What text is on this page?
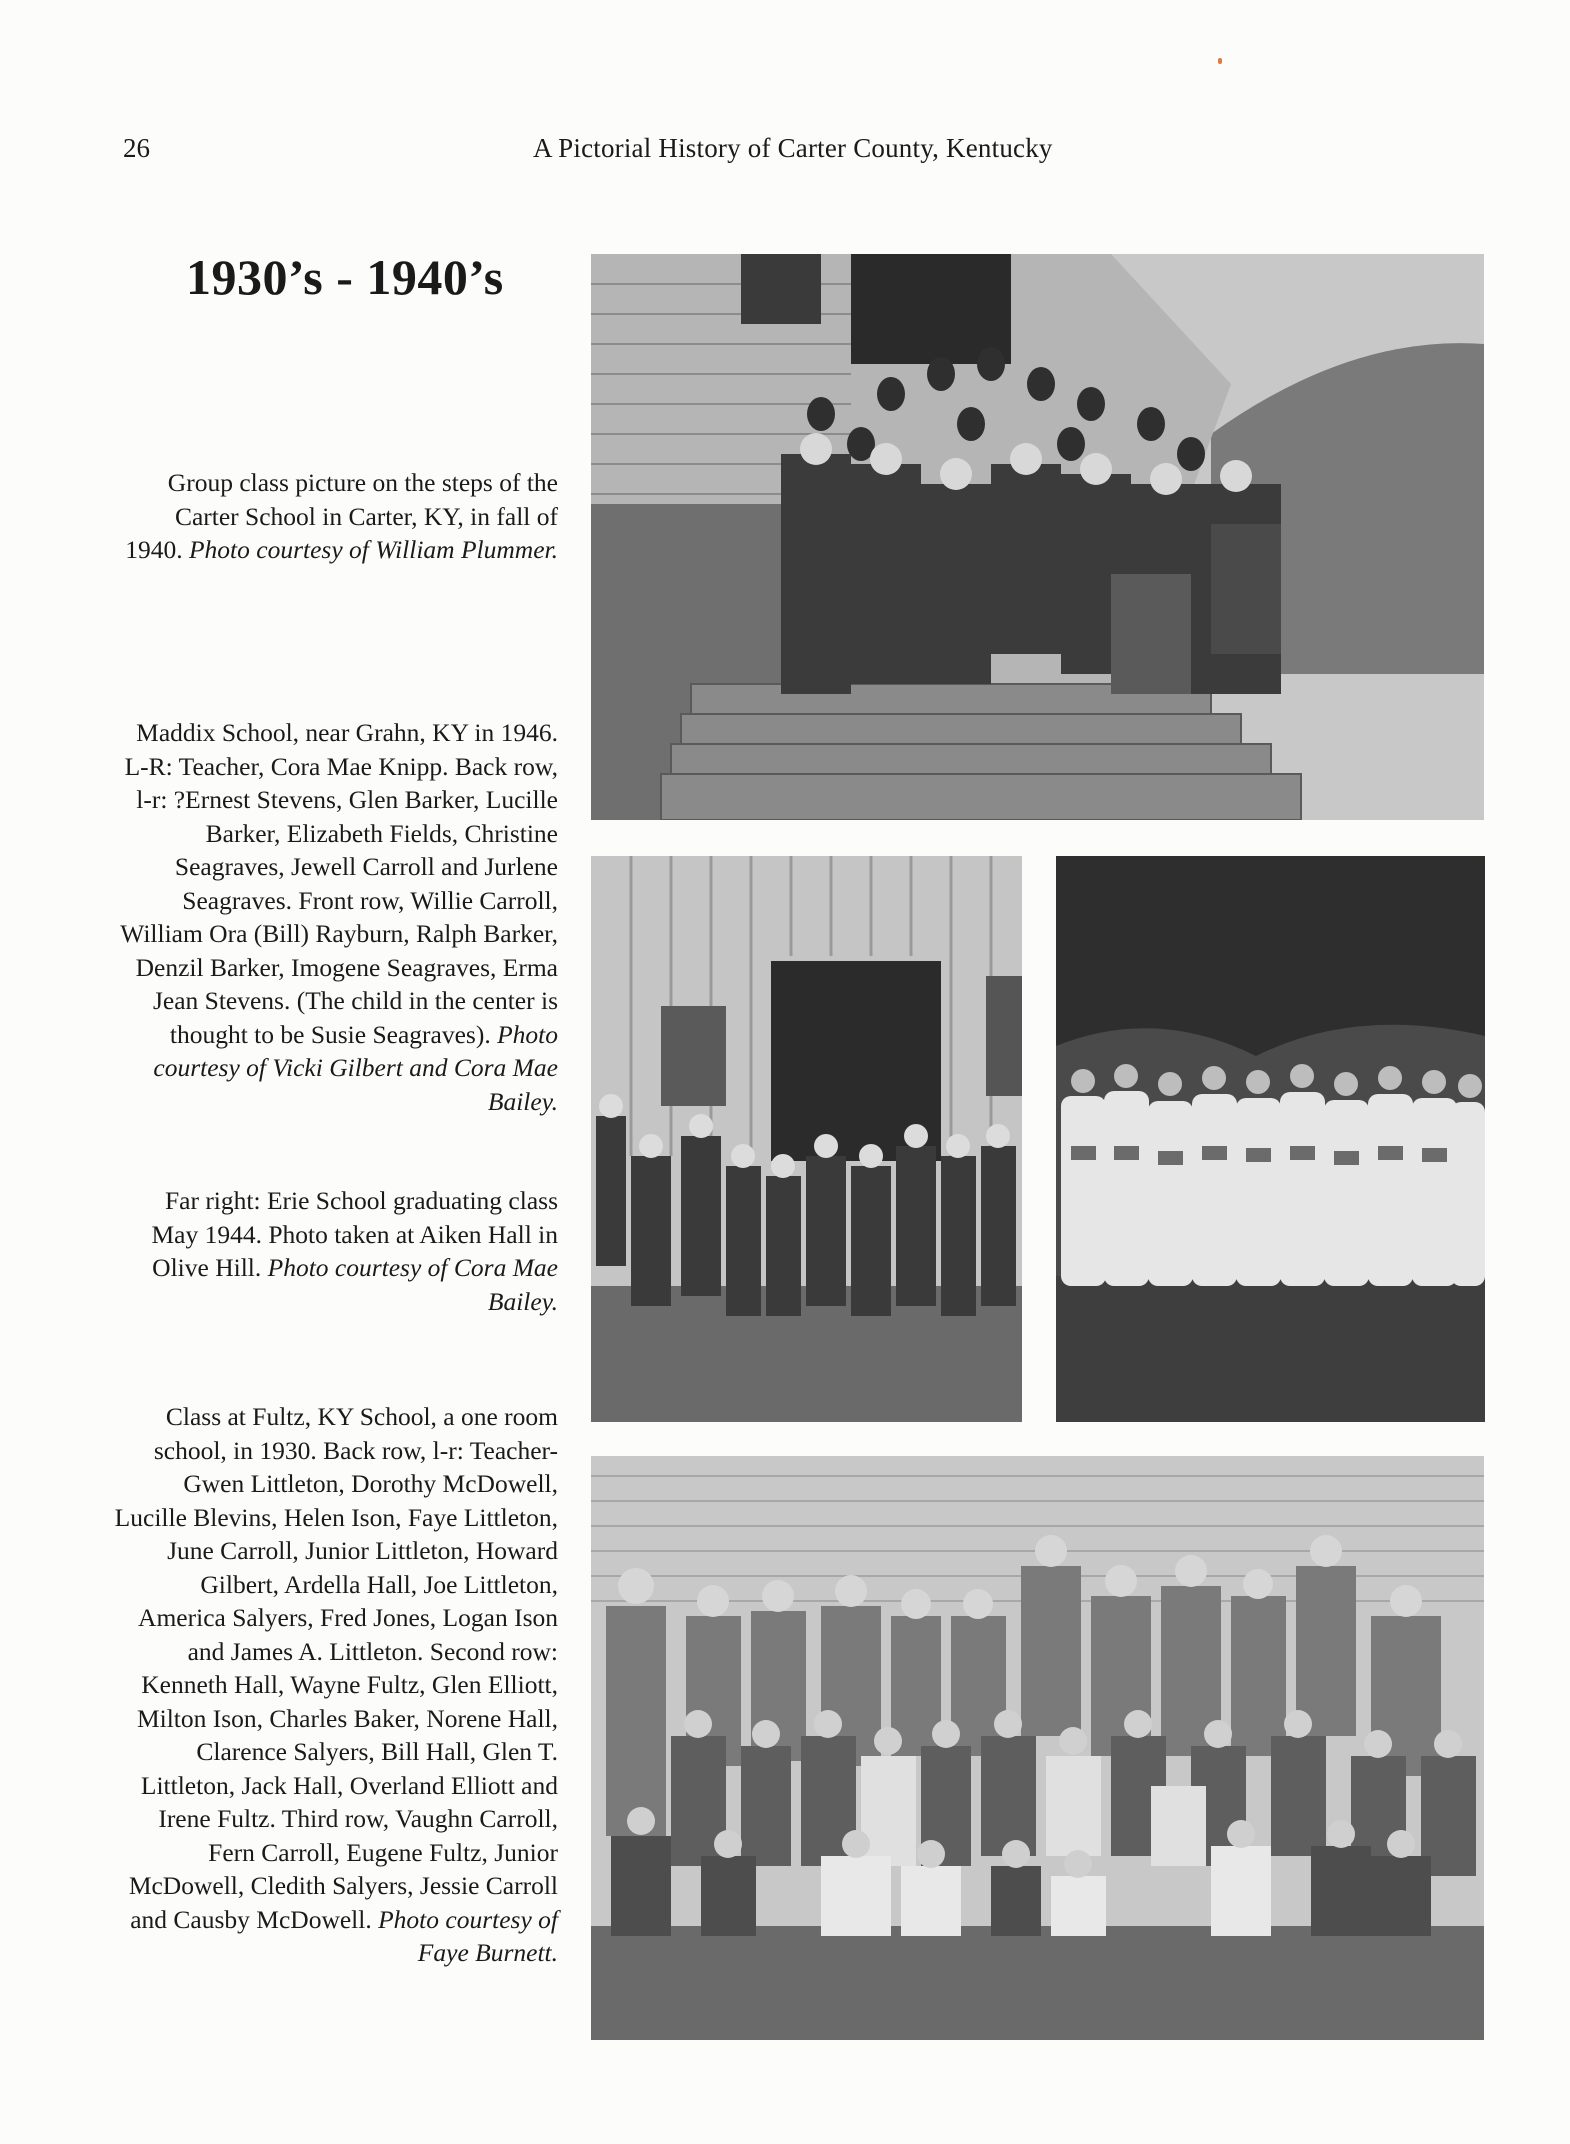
26	A Pictorial History of Carter County, Kentucky
1930’s - 1940’s
Group class picture on the steps of the Carter School in Carter, KY, in fall of 1940. Photo courtesy of William Plummer.
Maddix School, near Grahn, KY in 1946. L-R: Teacher, Cora Mae Knipp. Back row, l-r: ?Ernest Stevens, Glen Barker, Lucille Barker, Elizabeth Fields, Christine Seagraves, Jewell Carroll and Jurlene Seagraves. Front row, Willie Carroll, William Ora (Bill) Rayburn, Ralph Barker, Denzil Barker, Imogene Seagraves, Erma Jean Stevens. (The child in the center is thought to be Susie Seagraves). Photo courtesy of Vicki Gilbert and Cora Mae Bailey.
Far right: Erie School graduating class May 1944. Photo taken at Aiken Hall in Olive Hill. Photo courtesy of Cora Mae Bailey.
Class at Fultz, KY School, a one room school, in 1930. Back row, l-r: Teacher-Gwen Littleton, Dorothy McDowell, Lucille Blevins, Helen Ison, Faye Littleton, June Carroll, Junior Littleton, Howard Gilbert, Ardella Hall, Joe Littleton, America Salyers, Fred Jones, Logan Ison and James A. Littleton. Second row: Kenneth Hall, Wayne Fultz, Glen Elliott, Milton Ison, Charles Baker, Norene Hall, Clarence Salyers, Bill Hall, Glen T. Littleton, Jack Hall, Overland Elliott and Irene Fultz. Third row, Vaughn Carroll, Fern Carroll, Eugene Fultz, Junior McDowell, Cledith Salyers, Jessie Carroll and Causby McDowell. Photo courtesy of Faye Burnett.
